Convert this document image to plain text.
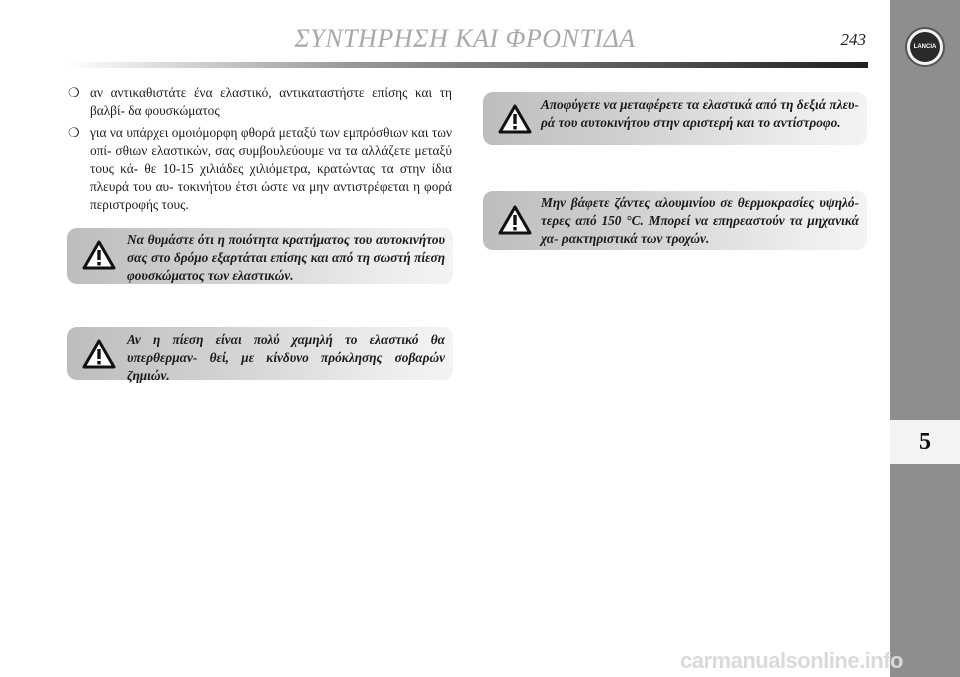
ΣΥΝΤΗΡΗΣΗ ΚΑΙ ΦΡΟΝΤΙΔΑ	243	LANCIA
5
❍ αν αντικαθιστάτε ένα ελαστικό, αντικαταστήστε επίσης και τη βαλβί- δα φουσκώματος
❍ για να υπάρχει ομοιόμορφη φθορά μεταξύ των εμπρόσθιων και των οπί- σθιων ελαστικών, σας συμβουλεύουμε να τα αλλάζετε μεταξύ τους κά- θε 10-15 χιλιάδες χιλιόμετρα, κρατώντας τα στην ίδια πλευρά του αυ- τοκινήτου έτσι ώστε να μην αντιστρέφεται η φορά περιστροφής τους.
Να θυμάστε ότι η ποιότητα κρατήματος του αυτοκινήτου σας στο δρόμο εξαρτάται επίσης και από τη σωστή πίεση φουσκώματος των ελαστικών.
Αν η πίεση είναι πολύ χαμηλή το ελαστικό θα υπερθερμαν- θεί, με κίνδυνο πρόκλησης σοβαρών ζημιών.
Αποφύγετε να μεταφέρετε τα ελαστικά από τη δεξιά πλευ- ρά του αυτοκινήτου στην αριστερή και το αντίστροφο.
Μην βάφετε ζάντες αλουμινίου σε θερμοκρασίες υψηλό- τερες από 150 °C. Μπορεί να επηρεαστούν τα μηχανικά χα- ρακτηριστικά των τροχών.
carmanualsonline.info
